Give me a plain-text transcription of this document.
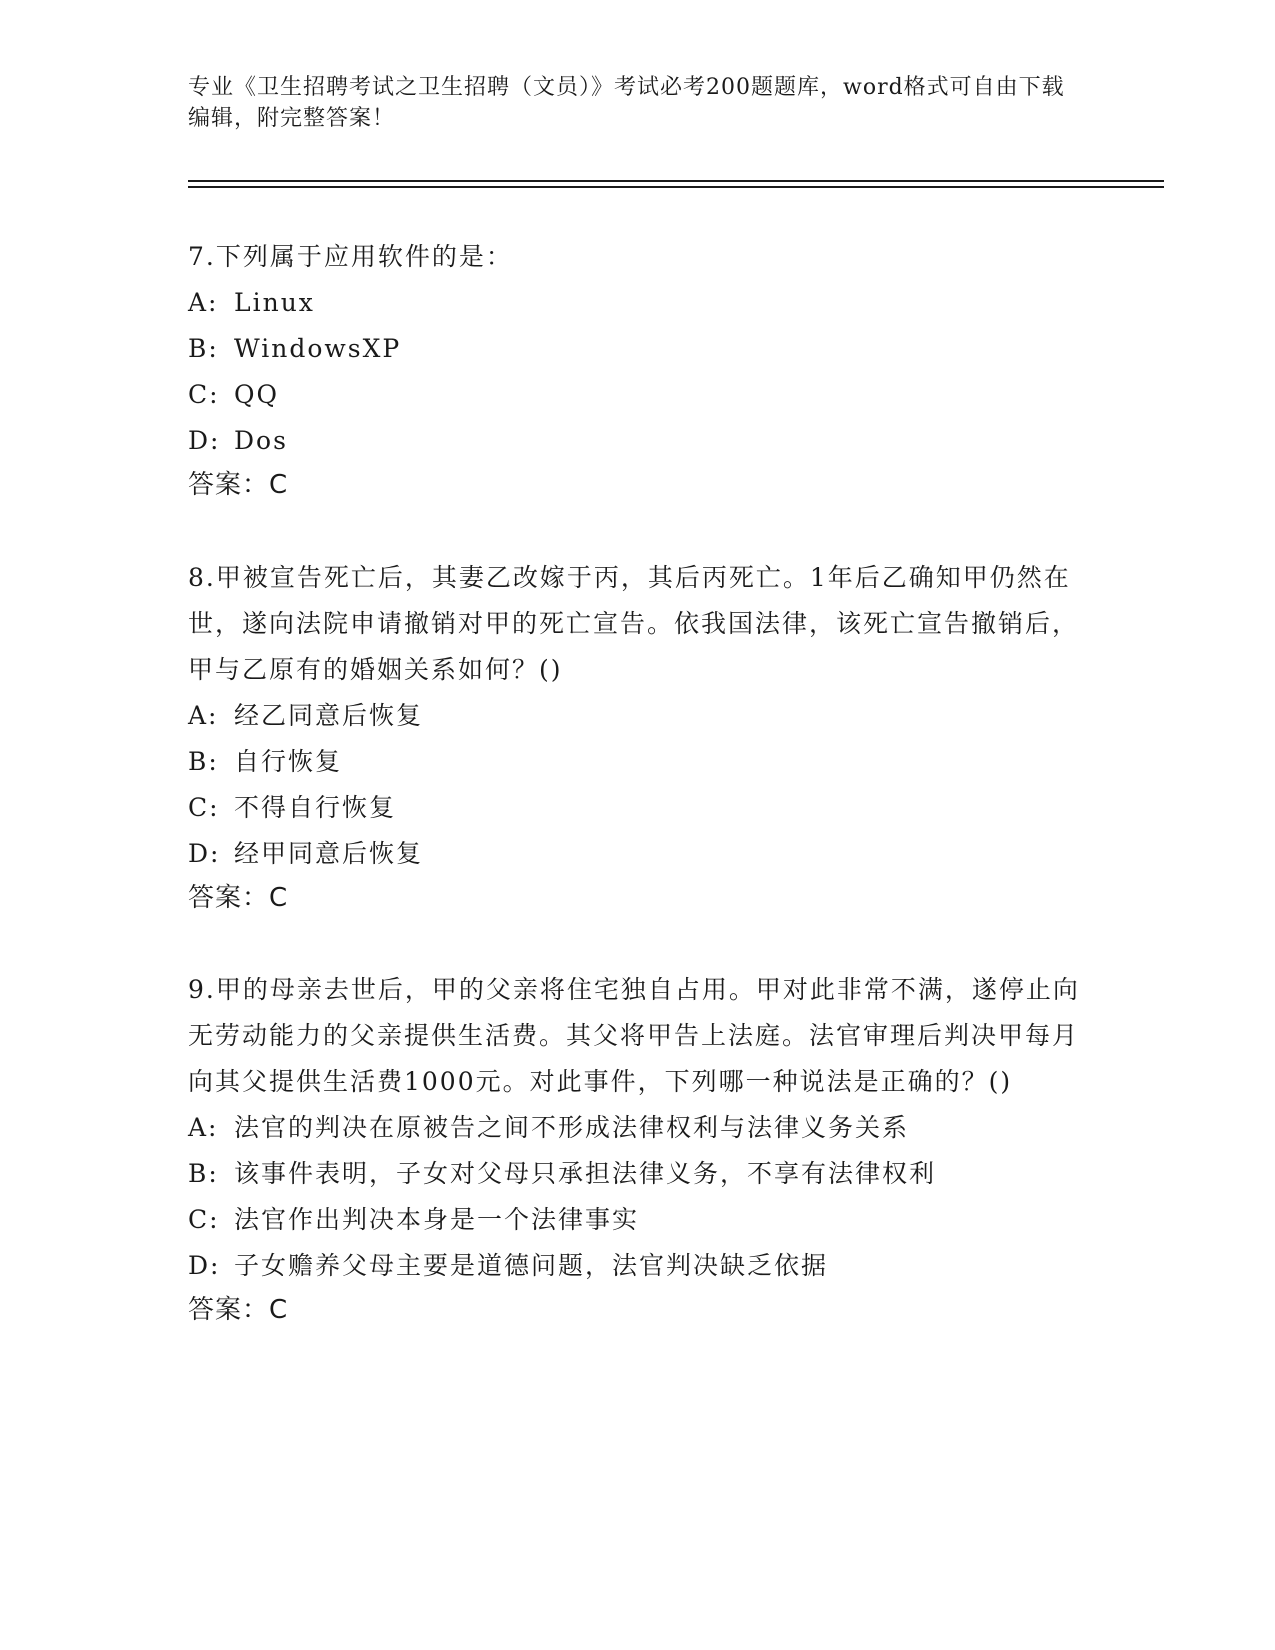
专业《卫生招聘考试之卫生招聘（文员）》考试必考200题题库，word格式可自由下载编辑，附完整答案！
7.下列属于应用软件的是：
A: Linux
B: WindowsXP
C: QQ
D: Dos
答案：C
8.甲被宣告死亡后，其妻乙改嫁于丙，其后丙死亡。1年后乙确知甲仍然在世，遂向法院申请撤销对甲的死亡宣告。依我国法律，该死亡宣告撤销后，甲与乙原有的婚姻关系如何？()
A: 经乙同意后恢复
B: 自行恢复
C: 不得自行恢复
D: 经甲同意后恢复
答案：C
9.甲的母亲去世后，甲的父亲将住宅独自占用。甲对此非常不满，遂停止向无劳动能力的父亲提供生活费。其父将甲告上法庭。法官审理后判决甲每月向其父提供生活费1000元。对此事件，下列哪一种说法是正确的？()
A: 法官的判决在原被告之间不形成法律权利与法律义务关系
B: 该事件表明，子女对父母只承担法律义务，不享有法律权利
C: 法官作出判决本身是一个法律事实
D: 子女赡养父母主要是道德问题，法官判决缺乏依据
答案：C
